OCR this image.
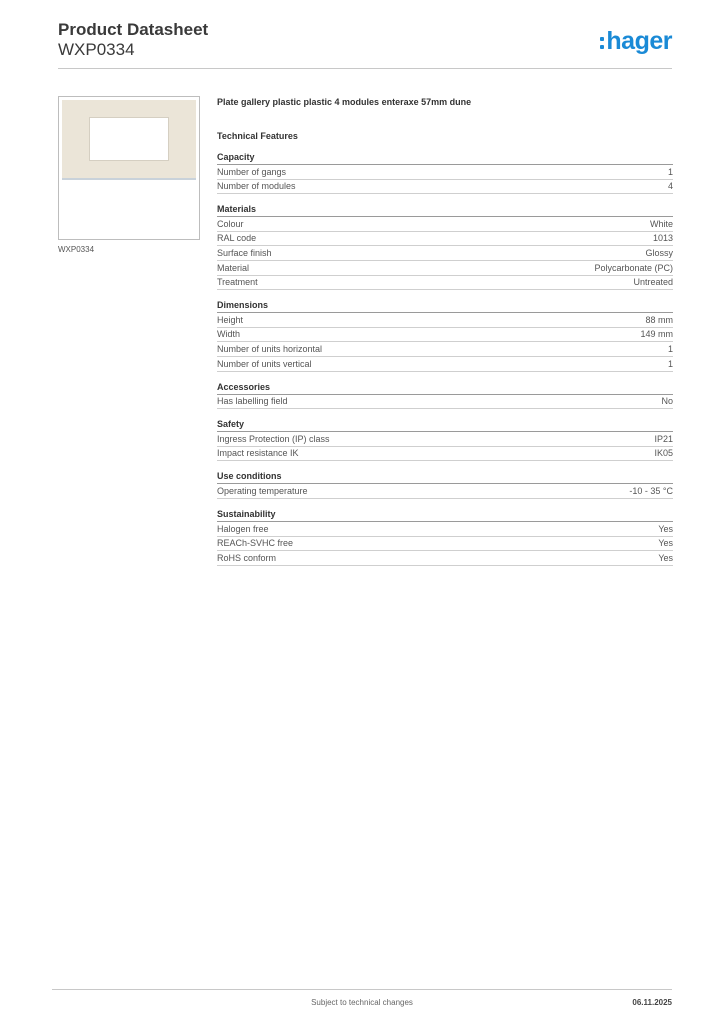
Product Datasheet
WXP0334	hager
WXP0334
Plate gallery plastic plastic 4 modules enteraxe 57mm dune
Technical Features
Capacity
Number of gangs	1
Number of modules	4
Materials
Colour	White
RAL code	1013
Surface finish	Glossy
Material	Polycarbonate (PC)
Treatment	Untreated
Dimensions
Height	88 mm
Width	149 mm
Number of units horizontal	1
Number of units vertical	1
Accessories
Has labelling field	No
Safety
Ingress Protection (IP) class	IP21
Impact resistance IK	IK05
Use conditions
Operating temperature	-10 - 35 °C
Sustainability
Halogen free	Yes
REACh-SVHC free	Yes
RoHS conform	Yes
Subject to technical changes	06.11.2025
